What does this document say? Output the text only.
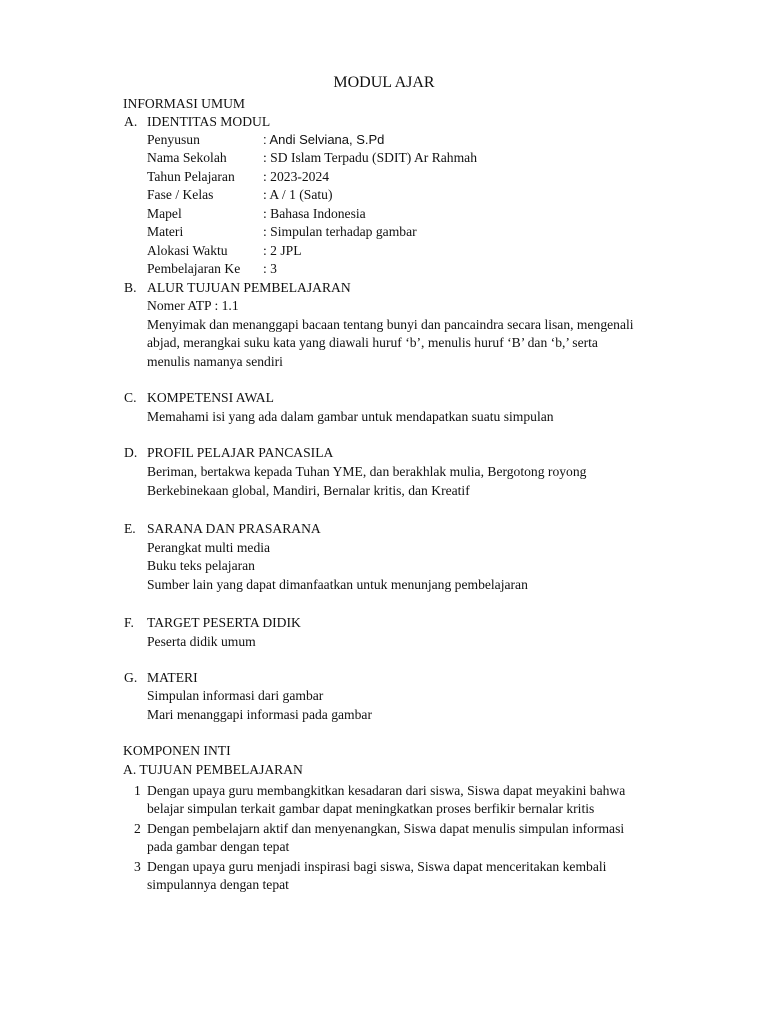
MODUL AJAR
INFORMASI UMUM
A. IDENTITAS MODUL
Penyusun	: Andi Selviana, S.Pd
Nama Sekolah	: SD Islam Terpadu (SDIT) Ar Rahmah
Tahun Pelajaran : 2023-2024
Fase / Kelas	: A / 1 (Satu)
Mapel	: Bahasa Indonesia
Materi	: Simpulan terhadap gambar
Alokasi Waktu	: 2 JPL
Pembelajaran Ke : 3
B. ALUR TUJUAN PEMBELAJARAN
Nomer ATP : 1.1
Menyimak dan menanggapi bacaan tentang bunyi dan pancaindra secara lisan, mengenali
abjad, merangkai suku kata yang diawali huruf ‘b’, menulis huruf ‘B’ dan ‘b,’ serta
menulis namanya sendiri
C. KOMPETENSI AWAL
Memahami isi yang ada dalam gambar untuk mendapatkan suatu simpulan
D. PROFIL PELAJAR PANCASILA
Beriman, bertakwa kepada Tuhan YME, dan berakhlak mulia, Bergotong royong
Berkebinekaan global, Mandiri, Bernalar kritis, dan Kreatif
E. SARANA DAN PRASARANA
Perangkat multi media
Buku teks pelajaran
Sumber lain yang dapat dimanfaatkan untuk menunjang pembelajaran
F. TARGET PESERTA DIDIK
Peserta didik umum
G. MATERI
Simpulan informasi dari gambar
Mari menanggapi informasi pada gambar
KOMPONEN INTI
A. TUJUAN PEMBELAJARAN
1 Dengan upaya guru membangkitkan kesadaran dari siswa, Siswa dapat meyakini bahwa
belajar simpulan terkait gambar dapat meningkatkan proses berfikir bernalar kritis
2 Dengan pembelajarn aktif dan menyenangkan, Siswa dapat menulis simpulan informasi
pada gambar dengan tepat
3 Dengan upaya guru menjadi inspirasi bagi siswa, Siswa dapat menceritakan kembali
simpulannya dengan tepat
